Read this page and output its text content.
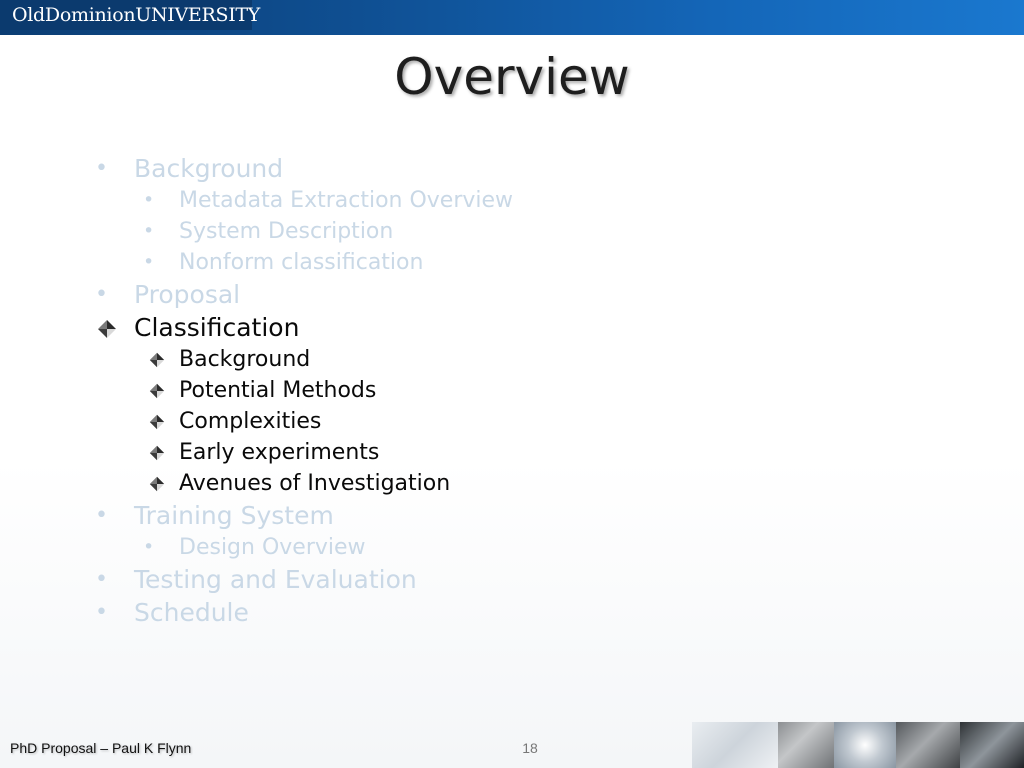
OldDominionUNIVERSITY
Overview
• Background
• Metadata Extraction Overview
• System Description
• Nonform classification
• Proposal
Classification
Background
Potential Methods
Complexities
Early experiments
Avenues of Investigation
• Training System
• Design Overview
• Testing and Evaluation
• Schedule
PhD Proposal – Paul K Flynn	18
